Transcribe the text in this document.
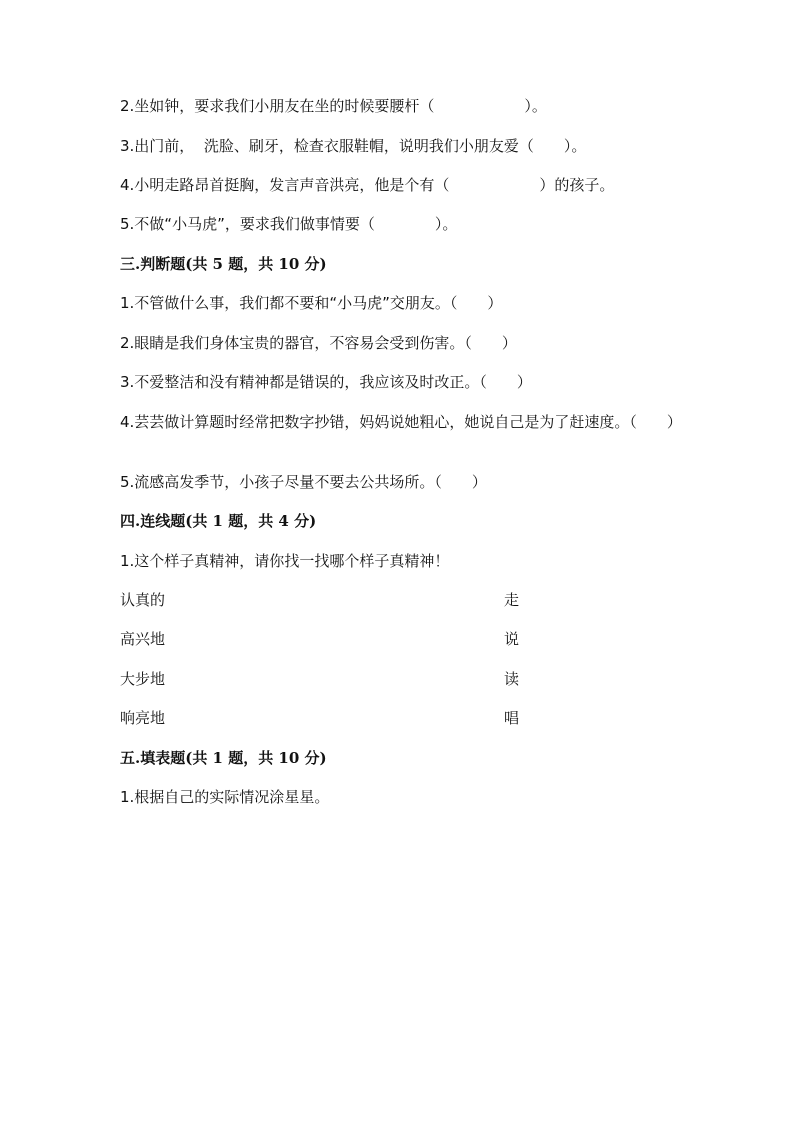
2.坐如钟，要求我们小朋友在坐的时候要腰杆（　　　　　　）。
3.出门前，  洗脸、刷牙，检查衣服鞋帽，说明我们小朋友爱（　　）。
4.小明走路昂首挺胸，发言声音洪亮，他是个有（　　　　　　）的孩子。
5.不做“小马虎”，要求我们做事情要（　　　　）。
三.判断题(共 5 题，共 10 分)
1.不管做什么事，我们都不要和“小马虎”交朋友。（　　）
2.眼睛是我们身体宝贵的器官，不容易会受到伤害。（　　）
3.不爱整洁和没有精神都是错误的，我应该及时改正。（　　）
4.芸芸做计算题时经常把数字抄错，妈妈说她粗心，她说自己是为了赶速度。（　　）
5.流感高发季节，小孩子尽量不要去公共场所。（　　）
四.连线题(共 1 题，共 4 分)
1.这个样子真精神，请你找一找哪个样子真精神！
认真的	走
高兴地	说
大步地	读
响亮地	唱
五.填表题(共 1 题，共 10 分)
1.根据自己的实际情况涂星星。
